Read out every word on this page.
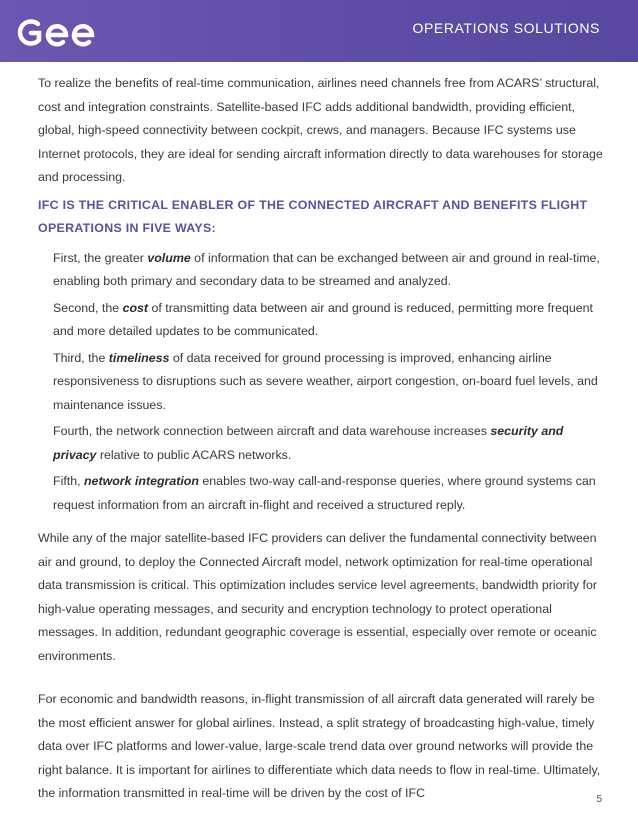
GEE
OPERATIONS SOLUTIONS

To realize the benefits of real-time communication, airlines need channels free from ACARS’ structural, cost and integration constraints. Satellite-based IFC adds additional bandwidth, providing efficient, global, high-speed connectivity between cockpit, crews, and managers. Because IFC systems use Internet protocols, they are ideal for sending aircraft information directly to data warehouses for storage and processing.

IFC IS THE CRITICAL ENABLER OF THE CONNECTED AIRCRAFT AND BENEFITS FLIGHT OPERATIONS IN FIVE WAYS:

First, the greater volume of information that can be exchanged between air and ground in real-time, enabling both primary and secondary data to be streamed and analyzed.

Second, the cost of transmitting data between air and ground is reduced, permitting more frequent and more detailed updates to be communicated.

Third, the timeliness of data received for ground processing is improved, enhancing airline responsiveness to disruptions such as severe weather, airport congestion, on-board fuel levels, and maintenance issues.

Fourth, the network connection between aircraft and data warehouse increases security and privacy relative to public ACARS networks.

Fifth, network integration enables two-way call-and-response queries, where ground systems can request information from an aircraft in-flight and received a structured reply.

While any of the major satellite-based IFC providers can deliver the fundamental connectivity between air and ground, to deploy the Connected Aircraft model, network optimization for real-time operational data transmission is critical. This optimization includes service level agreements, bandwidth priority for high-value operating messages, and security and encryption technology to protect operational messages. In addition, redundant geographic coverage is essential, especially over remote or oceanic environments.

For economic and bandwidth reasons, in-flight transmission of all aircraft data generated will rarely be the most efficient answer for global airlines. Instead, a split strategy of broadcasting high-value, timely data over IFC platforms and lower-value, large-scale trend data over ground networks will provide the right balance. It is important for airlines to differentiate which data needs to flow in real-time. Ultimately, the information transmitted in real-time will be driven by the cost of IFC	5
